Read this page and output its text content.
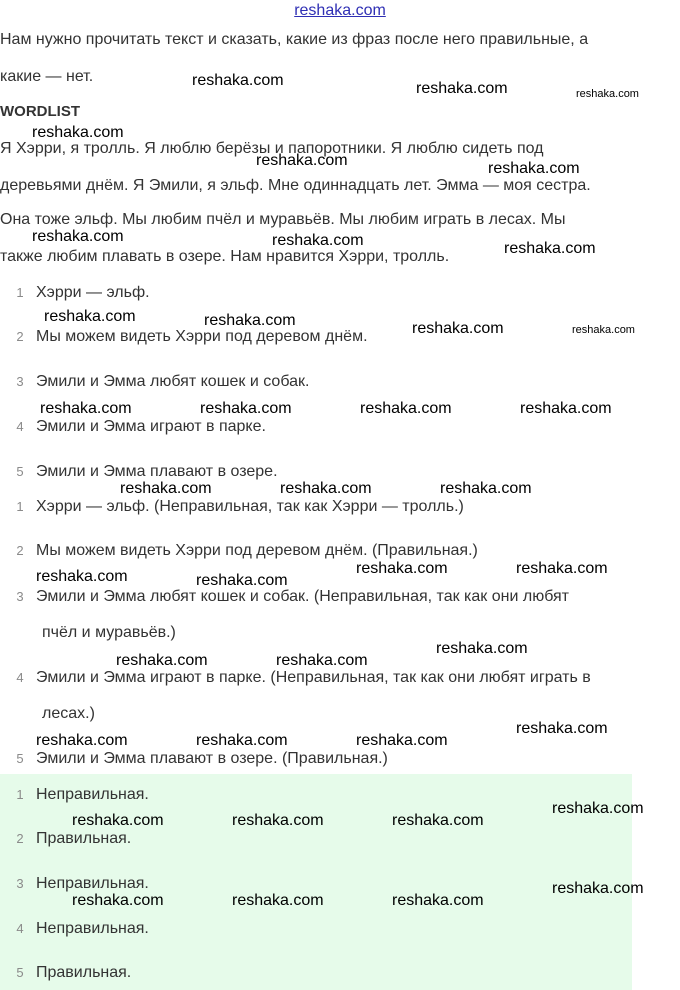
reshaka.com
Нам нужно прочитать текст и сказать, какие из фраз после него правильные, а
какие — нет.
WORDLIST
Я Хэрри, я тролль. Я люблю берёзы и папоротники. Я люблю сидеть под
деревьями днём. Я Эмили, я эльф. Мне одиннадцать лет. Эмма — моя сестра.
Она тоже эльф. Мы любим пчёл и муравьёв. Мы любим играть в лесах. Мы
также любим плавать в озере. Нам нравится Хэрри, тролль.
1 Хэрри — эльф.
2 Мы можем видеть Хэрри под деревом днём.
3 Эмили и Эмма любят кошек и собак.
4 Эмили и Эмма играют в парке.
5 Эмили и Эмма плавают в озере.
1 Хэрри — эльф. (Неправильная, так как Хэрри — тролль.)
2 Мы можем видеть Хэрри под деревом днём. (Правильная.)
3 Эмили и Эмма любят кошек и собак. (Неправильная, так как они любят
пчёл и муравьёв.)
4 Эмили и Эмма играют в парке. (Неправильная, так как они любят играть в
лесах.)
5 Эмили и Эмма плавают в озере. (Правильная.)
1 Неправильная.
2 Правильная.
3 Неправильная.
4 Неправильная.
5 Правильная.
reshaka.com	reshaka.com	reshaka.com
reshaka.com
reshaka.com	reshaka.com
reshaka.com	reshaka.com	reshaka.com
reshaka.com	reshaka.com	reshaka.com	reshaka.com
reshaka.com	reshaka.com	reshaka.com	reshaka.com
reshaka.com	reshaka.com	reshaka.com
reshaka.com	reshaka.com
reshaka.com	reshaka.com
reshaka.com
reshaka.com	reshaka.com
reshaka.com
reshaka.com	reshaka.com	reshaka.com
reshaka.com
reshaka.com	reshaka.com	reshaka.com
reshaka.com
reshaka.com	reshaka.com	reshaka.com
